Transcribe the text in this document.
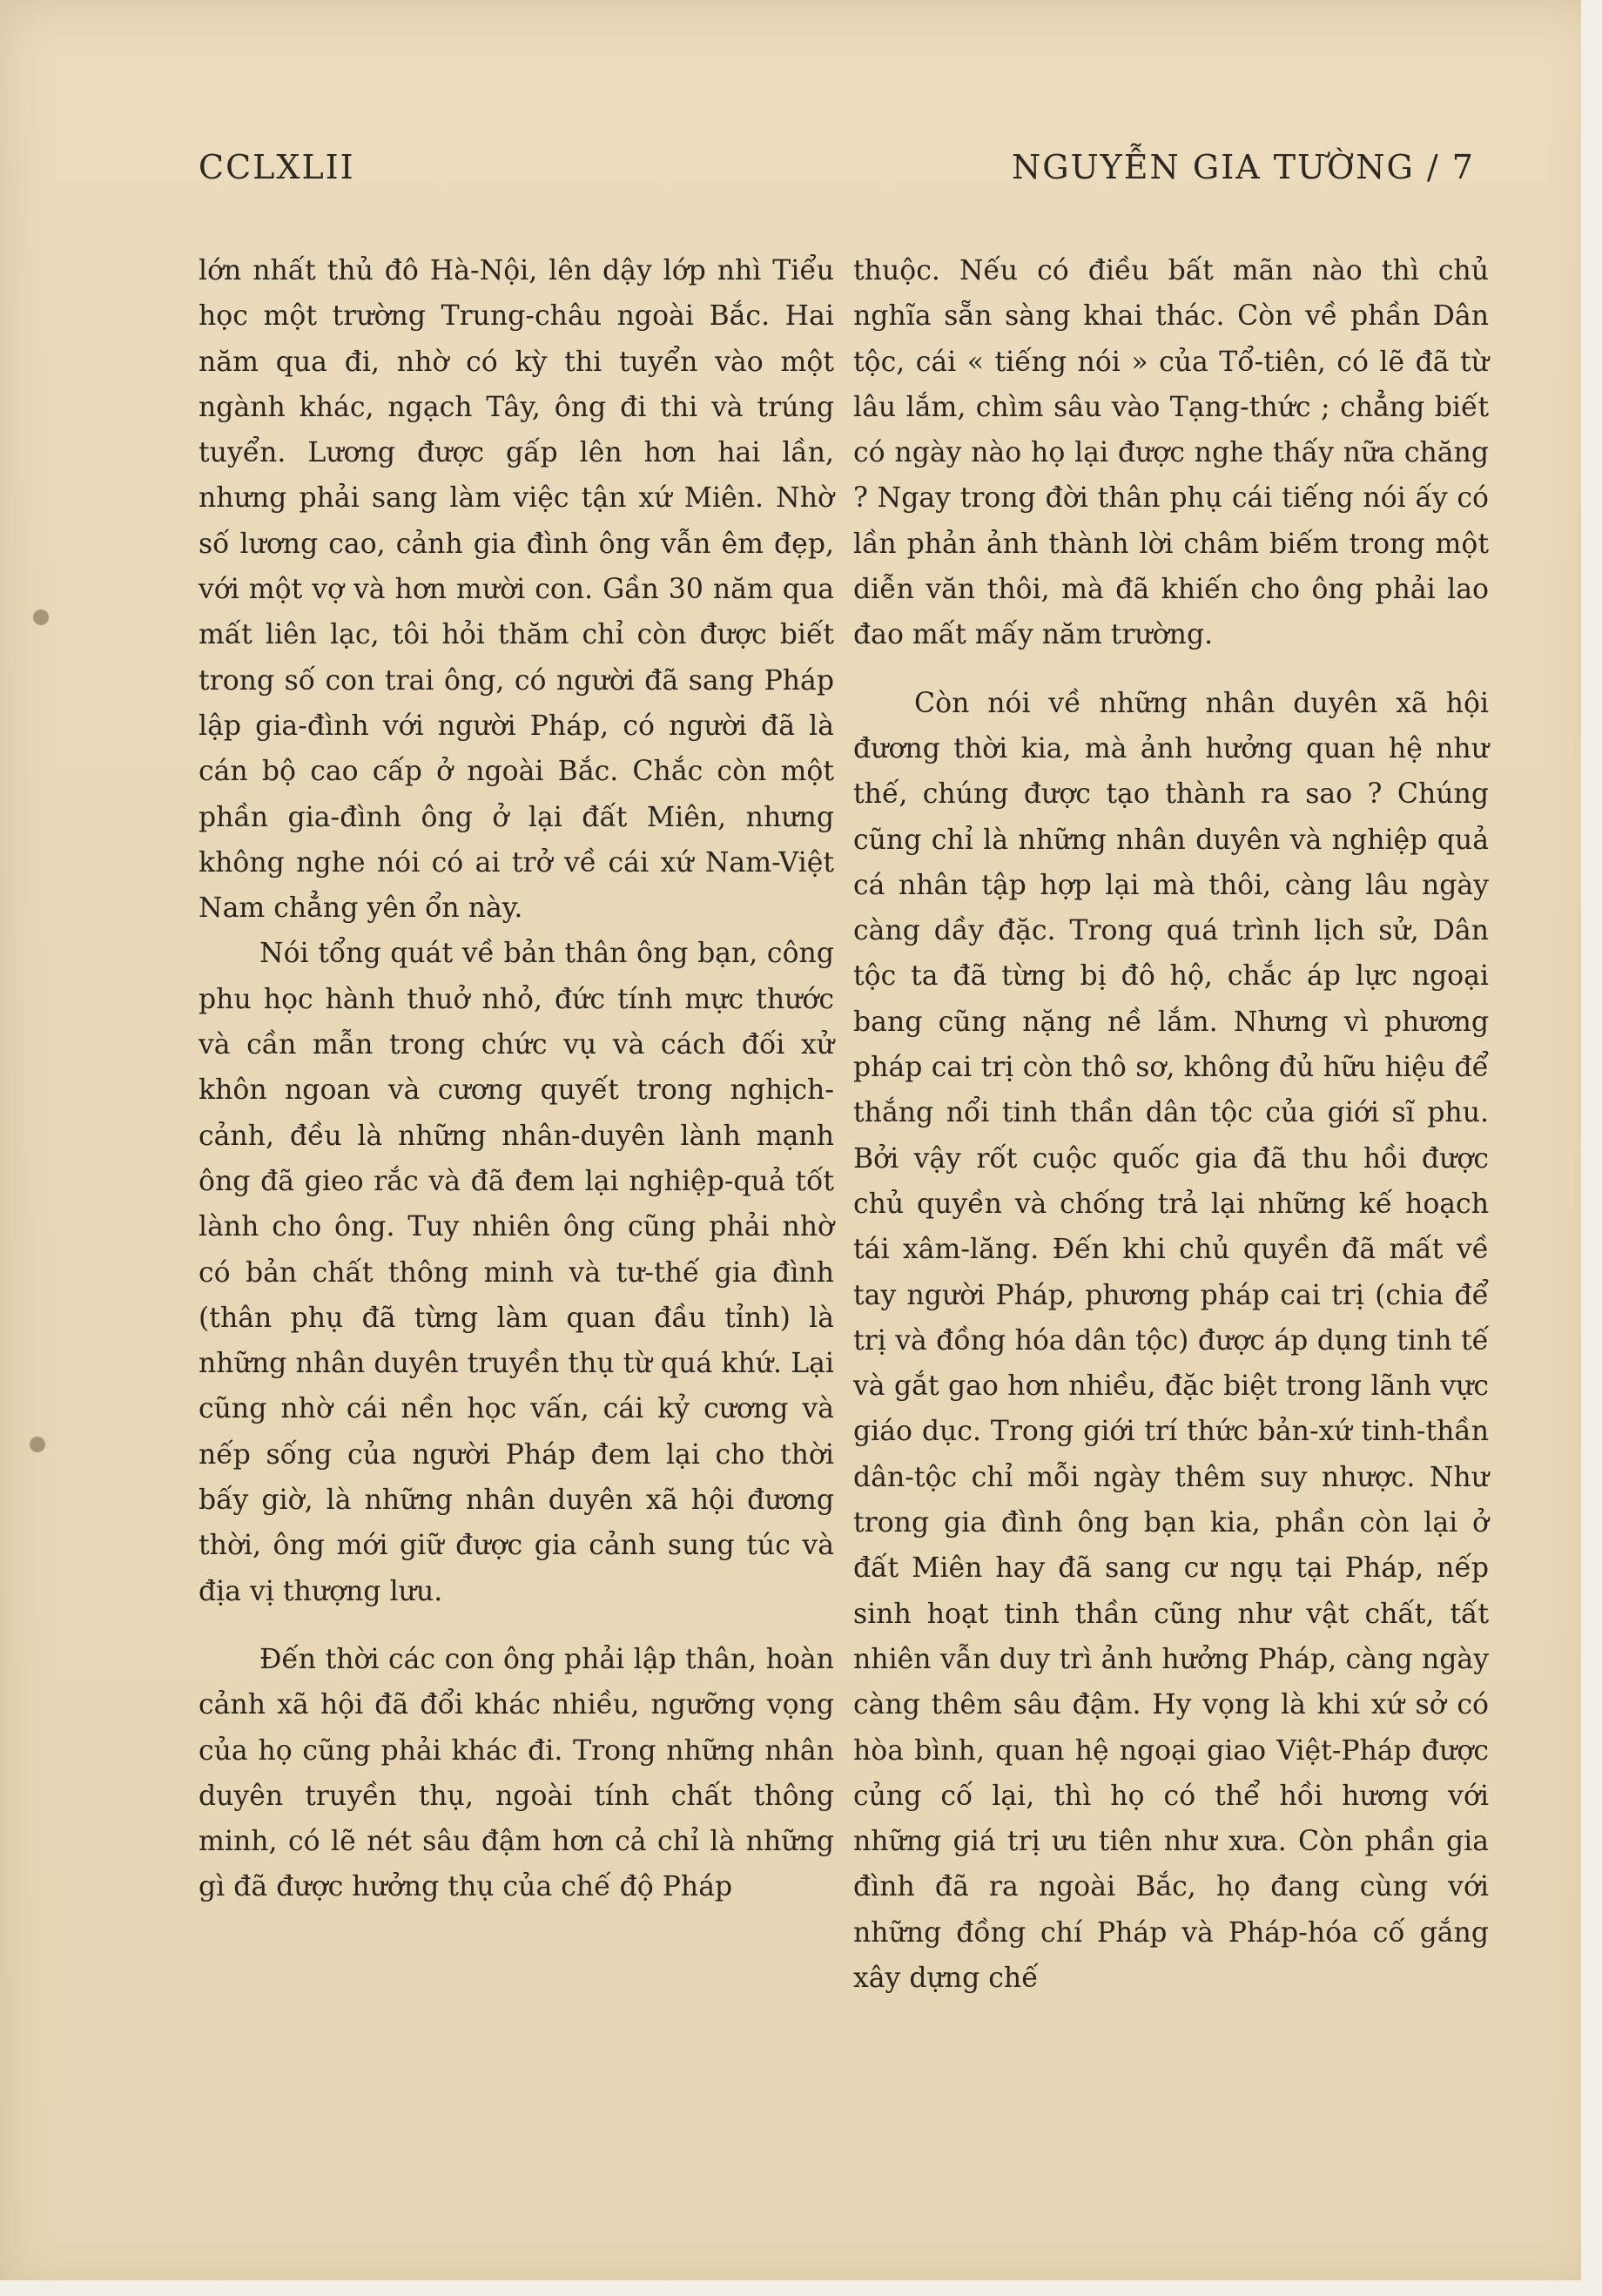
CCLXLII	NGUYỄN GIA TƯỜNG / 7

lớn nhất thủ đô Hà-Nội, lên dậy lớp nhì Tiểu học một trường Trung-châu ngoài Bắc. Hai năm qua đi, nhờ có kỳ thi tuyển vào một ngành khác, ngạch Tây, ông đi thi và trúng tuyển. Lương được gấp lên hơn hai lần, nhưng phải sang làm việc tận xứ Miên. Nhờ số lương cao, cảnh gia đình ông vẫn êm đẹp, với một vợ và hơn mười con. Gần 30 năm qua mất liên lạc, tôi hỏi thăm chỉ còn được biết trong số con trai ông, có người đã sang Pháp lập gia-đình với người Pháp, có người đã là cán bộ cao cấp ở ngoài Bắc. Chắc còn một phần gia-đình ông ở lại đất Miên, nhưng không nghe nói có ai trở về cái xứ Nam-Việt Nam chẳng yên ổn này.

Nói tổng quát về bản thân ông bạn, công phu học hành thuở nhỏ, đức tính mực thước và cần mẫn trong chức vụ và cách đối xử khôn ngoan và cương quyết trong nghịch-cảnh, đều là những nhân-duyên lành mạnh ông đã gieo rắc và đã đem lại nghiệp-quả tốt lành cho ông. Tuy nhiên ông cũng phải nhờ có bản chất thông minh và tư-thế gia đình (thân phụ đã từng làm quan đầu tỉnh) là những nhân duyên truyền thụ từ quá khứ. Lại cũng nhờ cái nền học vấn, cái kỷ cương và nếp sống của người Pháp đem lại cho thời bấy giờ, là những nhân duyên xã hội đương thời, ông mới giữ được gia cảnh sung túc và địa vị thượng lưu.

Đến thời các con ông phải lập thân, hoàn cảnh xã hội đã đổi khác nhiều, ngưỡng vọng của họ cũng phải khác đi. Trong những nhân duyên truyền thụ, ngoài tính chất thông minh, có lẽ nét sâu đậm hơn cả chỉ là những gì đã được hưởng thụ của chế độ Pháp

thuộc. Nếu có điều bất mãn nào thì chủ nghĩa sẵn sàng khai thác. Còn về phần Dân tộc, cái « tiếng nói » của Tổ-tiên, có lẽ đã từ lâu lắm, chìm sâu vào Tạng-thức ; chẳng biết có ngày nào họ lại được nghe thấy nữa chăng ? Ngay trong đời thân phụ cái tiếng nói ấy có lần phản ảnh thành lời châm biếm trong một diễn văn thôi, mà đã khiến cho ông phải lao đao mất mấy năm trường.

Còn nói về những nhân duyên xã hội đương thời kia, mà ảnh hưởng quan hệ như thế, chúng được tạo thành ra sao ? Chúng cũng chỉ là những nhân duyên và nghiệp quả cá nhân tập hợp lại mà thôi, càng lâu ngày càng dầy đặc. Trong quá trình lịch sử, Dân tộc ta đã từng bị đô hộ, chắc áp lực ngoại bang cũng nặng nề lắm. Nhưng vì phương pháp cai trị còn thô sơ, không đủ hữu hiệu để thắng nổi tinh thần dân tộc của giới sĩ phu. Bởi vậy rốt cuộc quốc gia đã thu hồi được chủ quyền và chống trả lại những kế hoạch tái xâm-lăng. Đến khi chủ quyền đã mất về tay người Pháp, phương pháp cai trị (chia để trị và đồng hóa dân tộc) được áp dụng tinh tế và gắt gao hơn nhiều, đặc biệt trong lãnh vực giáo dục. Trong giới trí thức bản-xứ tinh-thần dân-tộc chỉ mỗi ngày thêm suy nhược. Như trong gia đình ông bạn kia, phần còn lại ở đất Miên hay đã sang cư ngụ tại Pháp, nếp sinh hoạt tinh thần cũng như vật chất, tất nhiên vẫn duy trì ảnh hưởng Pháp, càng ngày càng thêm sâu đậm. Hy vọng là khi xứ sở có hòa bình, quan hệ ngoại giao Việt-Pháp được củng cố lại, thì họ có thể hồi hương với những giá trị ưu tiên như xưa. Còn phần gia đình đã ra ngoài Bắc, họ đang cùng với những đồng chí Pháp và Pháp-hóa cố gắng xây dựng chế
